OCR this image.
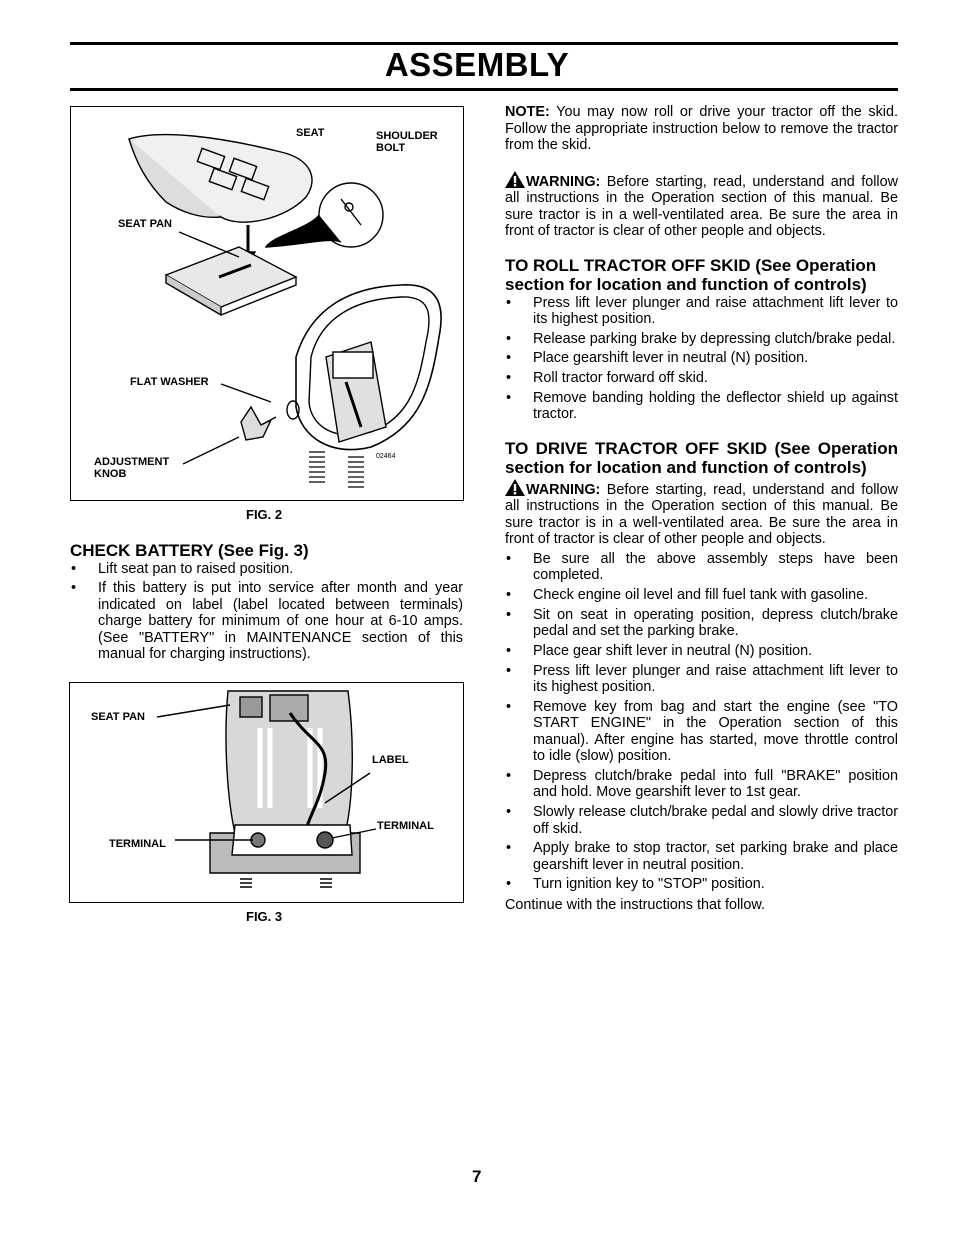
ASSEMBLY
SEAT	SHOULDER
BOLT
SEAT PAN
FLAT WASHER
ADJUSTMENT
KNOB
02464
FIG. 2
CHECK BATTERY (See Fig. 3)
• Lift seat pan to raised position.
• If this battery is put into service after month and year indicated on label (label located between terminals) charge battery for minimum of one hour at 6-10 amps. (See "BATTERY" in MAINTENANCE section of this manual for charging instructions).
SEAT PAN
LABEL
TERMINAL
TERMINAL
FIG. 3

NOTE: You may now roll or drive your tractor off the skid. Follow the appropriate instruction below to remove the tractor from the skid.

WARNING: Before starting, read, understand and follow all instructions in the Operation section of this manual. Be sure tractor is in a well-ventilated area. Be sure the area in front of tractor is clear of other people and objects.

TO ROLL TRACTOR OFF SKID (See Operation section for location and function of controls)
• Press lift lever plunger and raise attachment lift lever to its highest position.
• Release parking brake by depressing clutch/brake pedal.
• Place gearshift lever in neutral (N) position.
• Roll tractor forward off skid.
• Remove banding holding the deflector shield up against tractor.
TO DRIVE TRACTOR OFF SKID (See Operation section for location and function of controls)

WARNING: Before starting, read, understand and follow all instructions in the Operation section of this manual. Be sure tractor is in a well-ventilated area. Be sure the area in front of tractor is clear of other people and objects.

• Be sure all the above assembly steps have been completed.
• Check engine oil level and fill fuel tank with gasoline.
• Sit on seat in operating position, depress clutch/brake pedal and set the parking brake.
• Place gear shift lever in neutral (N) position.
• Press lift lever plunger and raise attachment lift lever to its highest position.
• Remove key from bag and start the engine (see "TO START ENGINE" in the Operation section of this manual). After engine has started, move throttle control to idle (slow) position.
• Depress clutch/brake pedal into full "BRAKE" position and hold. Move gearshift lever to 1st gear.
• Slowly release clutch/brake pedal and slowly drive tractor off skid.
• Apply brake to stop tractor, set parking brake and place gearshift lever in neutral position.
• Turn ignition key to "STOP" position.

Continue with the instructions that follow.

7
